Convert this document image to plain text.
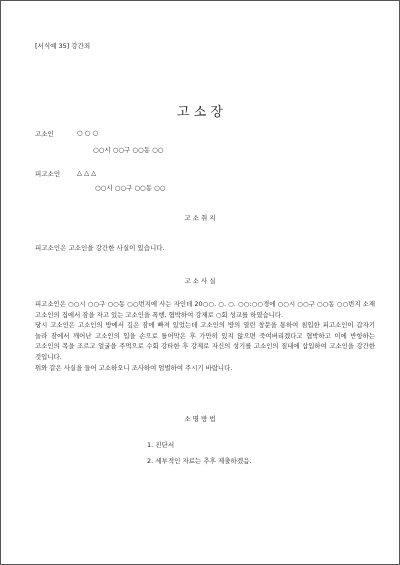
[서식예 35] 강간죄
고 소 장
고소인	○ ○ ○
○○시 ○○구 ○○동 ○○
피고소인	△ △ △
○○시 ○○구 ○○동 ○○
고 소 취 지
피고소인은 고소인을 강간한 사실이 있습니다.
고 소 사 실

피고소인은 ○○시 ○○구 ○○동 ○○번지에 사는 자인데 20○○. ○. ○. ○○:○○경에 ○○시 ○○구 ○○동 ○○번지 소재 고소인의 집에서 잠을 자고 있는 고소인을 폭행, 협박하여 강제로 ○회 성교를 하였습니다.

당시 고소인은 고소인의 방에서 깊은 잠에 빠져 있었는데 고소인의 방의 열린 창문을 통하여 침입한 피고소인이 갑자기 놀라 잠에서 깨어난 고소인의 입을 손으로 틀어막은 후 가만히 있지 않으면 죽여버리겠다고 협박하고 이에 반항하는 고소인의 목을 조르고 얼굴을 주먹으로 수회 강타한 후 강제로 자신의 성기를 고소인의 질내에 삽입하여 고소인을 강간한 것입니다.

위와 같은 사실을 들어 고소하오니 조사하여 엄벌하여 주시기 바랍니다.

소 명 방 법
1. 진단서
2. 세부적인 자료는 추후 제출하겠음.
